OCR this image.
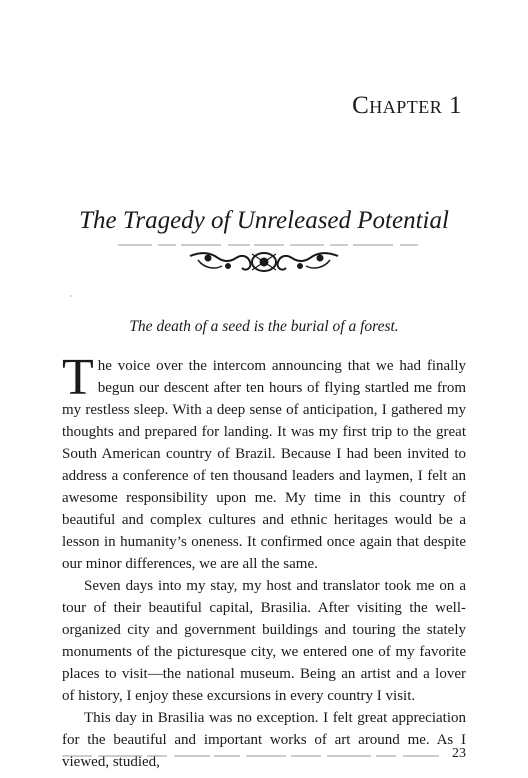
Chapter 1
The Tragedy of Unreleased Potential
The death of a seed is the burial of a forest.

The voice over the intercom announcing that we had finally begun our descent after ten hours of flying startled me from my restless sleep. With a deep sense of anticipation, I gathered my thoughts and prepared for landing. It was my first trip to the great South American country of Brazil. Because I had been invited to address a conference of ten thousand leaders and laymen, I felt an awesome responsibility upon me. My time in this country of beautiful and complex cultures and ethnic heritages would be a lesson in humanity’s oneness. It confirmed once again that despite our minor differences, we are all the same.

Seven days into my stay, my host and translator took me on a tour of their beautiful capital, Brasilia. After visiting the well-organized city and government buildings and touring the stately monuments of the picturesque city, we entered one of my favorite places to visit—the national museum. Being an artist and a lover of history, I enjoy these excursions in every country I visit.

This day in Brasilia was no exception. I felt great appreciation for the beautiful and important works of art around me. As I viewed, studied,

23
